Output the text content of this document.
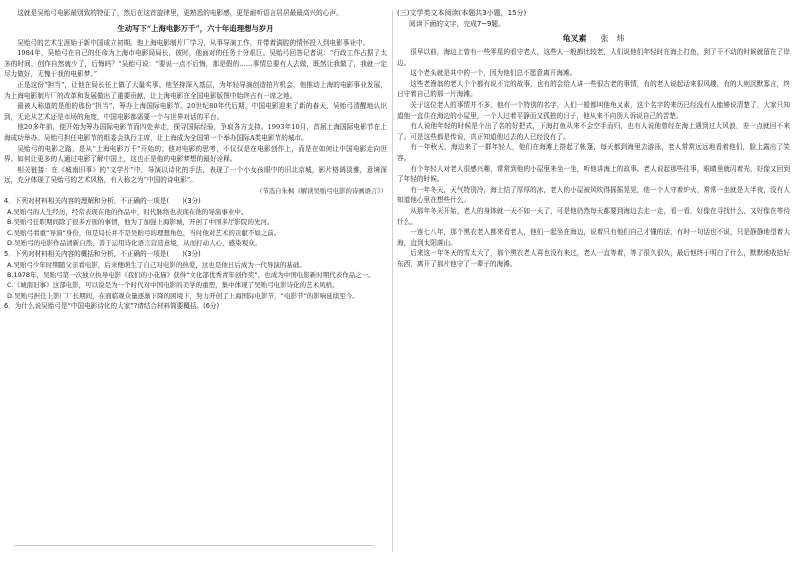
这就是吴贻弓电影最别致的特征了，然后在这首旋律里，更熟悉的电影感，更是耐听语言居居最最高兴的心声。

生动写下“上海电影万千”，六十年追理想与岁月

吴贻弓的艺术生涯始于新中国成立初期。他上海电影制片厂学习，从事导演工作，并带着满腔的情怀投入到电影事业中。

1984年，吴贻弓在自己的任命为上海市电影局局长，彼时，他面对的任务十分艰巨。吴贻弓回答记者说：“行政工作占据了太多的时间，创作自然就少了，后悔吗？”吴贻弓说：“要说一点不后悔，那是假的……事情总要有人去做，既然让我做了，我就一定尽力做好，无愧于我的电影梦。”

正是这份“担当”，让他在局长任上做了大量实事。他坚持深入基层，为年轻导演创造拍片机会，他推动上海的电影事业发展，为上海电影制片厂的改革和发展做出了重要贡献，让上海电影在全国电影版图中始终占有一席之地。

最被人称道的是他的那份“担当”，筹办上海国际电影节。20世纪80年代后期，中国电影迎来了新的春天，吴贻弓清醒地认识到，无论从艺术还是市场的角度，中国电影都需要一个与世界对话的平台。

他20多年前，便开始为筹办国际电影节而四处奔走，探寻国际经验，争取各方支持。1993年10月，首届上海国际电影节在上海成功举办。吴贻弓担任电影节的组委会执行主席，让上海成为全国第一个举办国际A类电影节的城市。

吴贻弓的电影之路，是从“上海电影万千”开始的；他对电影的思考，不仅仅是在电影创作上，而是在如何让中国电影走向世界、如何让更多的人通过电影了解中国上，这也正是他的电影梦想的最好诠释。

相关链接：在《城南旧事》的“文学片”中，导演以诗化的手法，表现了一个小女孩眼中的旧北京城，影片格调淡雅，意境深远，充分体现了吴贻弓的艺术风格，有人称之为“中国的诗电影”。

（节选自朱枫《解读吴贻弓电影的诗画语言》）

4．下列对材料相关内容的理解和分析，不正确的一项是(　　)(3分)

A.吴贻弓的人生经历，经常表现在他的作品中，时代脉络也表现在他的导演事业中。

B.吴贻弓任职期间除了很多方面的事情，他为了加强上海影城，开创了中国多厅影院的先河。

C.吴贻弓看重“导演”身份，但是局长并不是吴贻弓的理想角色，当时他对艺术的贡献不如之前。

D.吴贻弓的电影作品清新自然，善于运用诗化语言营造意境，从而打动人心，感染观众。

5．下列对材料相关内容的概括和分析，不正确的一项是(　　)(3分)

A.吴贻弓少年时期随父亲看电影，后来便萌生了自己对电影的热爱，这也是他日后成为一代导演的基础。

B.1978年，吴贻弓第一次独立执导电影《我们的小花猫》获得“文化部优秀青年创作奖”，也成为中国电影新时期代表作品之一。

C.《城南旧事》这部电影，可以说是为一个时代对中国电影的美学的重塑，集中体现了吴贻弓电影诗化的艺术风格。

D.吴贻弓担任上影厂厂长期间，在面临观众量逐渐下降的困境下，努力开创了上海国际电影节，“电影节”的影响延续至今。

6．为什么说吴贻弓是“中国电影诗化的大家”?请结合材料简要概括。(6分)

(三)文学类文本阅读(本题共3小题，15分)

阅读下面的文字，完成7~9题。

龟叉素 张　炜

很早以前，海边上曾有一些零星的看守老人，这些人一般都比较老，人们说他们年轻时在海上打鱼，到了干不动的时候就留在了岸边。

这个老头就是其中的一个，因为他们总不愿意离开海滩。

这些老渔翁的老人个个都有说不完的故事，也有的会给人讲一些很古老的事情，有的老人说起话来很风趣，有的人则沉默寡言，终日守着自己的那一片海滩。

关于这位老人的事情并不多，他有一个特别的名字，人们一般都叫他龟叉素，这个名字的来历已经没有人能够说清楚了，大家只知道他一直住在海边的小屋里，一个人过着平静而又孤独的日子，他从来不向别人诉说自己的苦楚。

有人说他年轻的时候是个出了名的好把式，下海打鱼从来不会空手而归，也有人说他曾经在海上遇到过大风浪，差一点就回不来了。可是这些都是传说，真正知道他过去的人已经没有了。

有一年秋天，海边来了一群年轻人，他们在海滩上搭起了帐篷，每天都到海里去游泳，老人常常远远地看着他们，脸上露出了笑容。

有个年轻人对老人很感兴趣，常常到他的小屋里来坐一坐，听他讲海上的故事。老人说起那些往事，眼睛里就闪着光，好像又回到了年轻的时候。

有一年冬天，天气特别冷，海上结了厚厚的冰，老人的小屋被风吹得摇摇晃晃，他一个人守着炉火，常常一坐就是大半夜，没有人知道他心里在想些什么。

从那年冬天开始，老人的身体就一天不如一天了，可是他仍然每天都要到海边去走一走，看一看，好像在寻找什么，又好像在等待什么。

一连七八年，那个黑衣老人都来看老人，他们一起坐在海边，说着只有他们自己才懂的话，有时一句话也不说，只是静静地望着大海，直到太阳落山。

后来这一年冬天的雪太大了，那个黑衣老人再也没有来过，老人一直等着，等了很久很久，最后他终于明白了什么，默默地收拾好东西，离开了那片他守了一辈子的海滩。
